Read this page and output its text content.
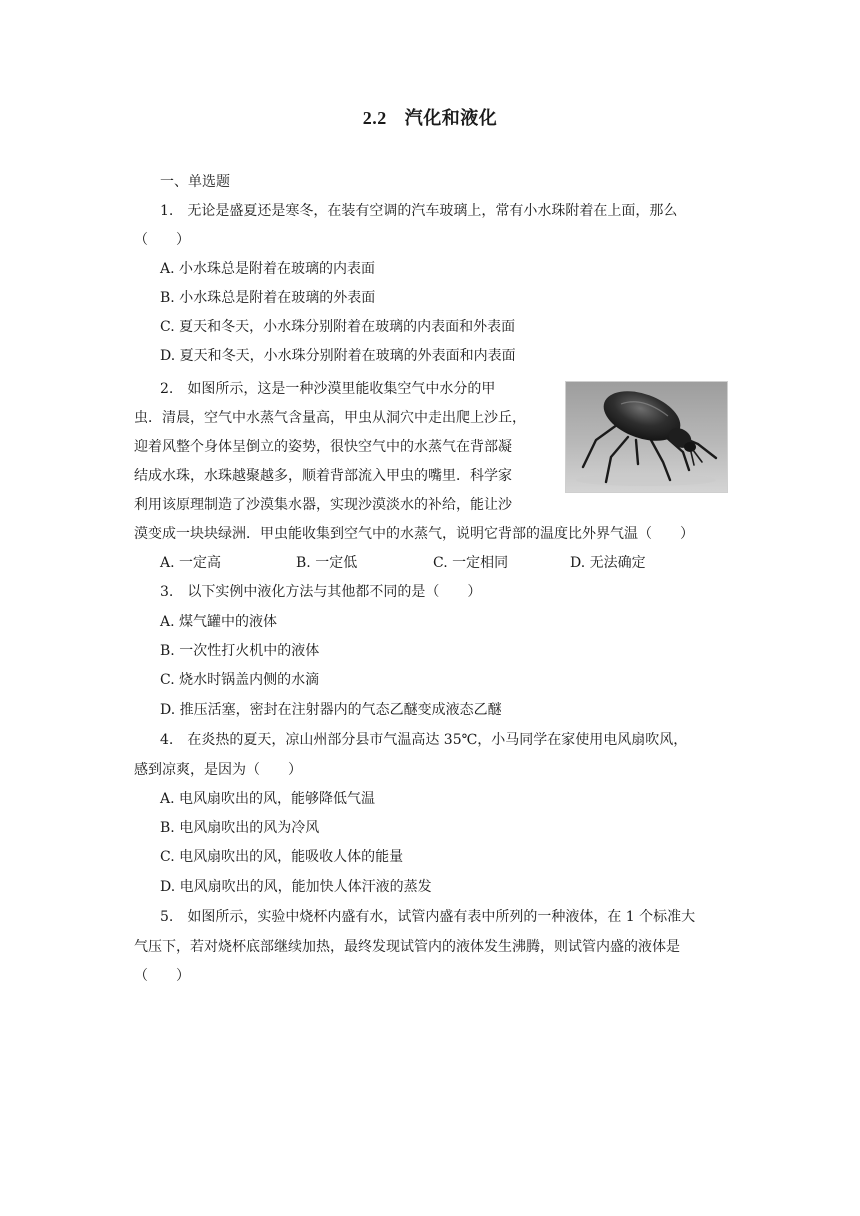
2.2 汽化和液化
一、单选题
1.　无论是盛夏还是寒冬，在装有空调的汽车玻璃上，常有小水珠附着在上面，那么
（　　）
A. 小水珠总是附着在玻璃的内表面
B. 小水珠总是附着在玻璃的外表面
C. 夏天和冬天，小水珠分别附着在玻璃的内表面和外表面
D. 夏天和冬天，小水珠分别附着在玻璃的外表面和内表面
2.　如图所示，这是一种沙漠里能收集空气中水分的甲
虫．清晨，空气中水蒸气含量高，甲虫从洞穴中走出爬上沙丘，
迎着风整个身体呈倒立的姿势，很快空气中的水蒸气在背部凝
结成水珠，水珠越聚越多，顺着背部流入甲虫的嘴里．科学家
利用该原理制造了沙漠集水器，实现沙漠淡水的补给，能让沙
漠变成一块块绿洲．甲虫能收集到空气中的水蒸气，说明它背部的温度比外界气温（　　）
A. 一定高	B. 一定低	C. 一定相同	D. 无法确定
3.　以下实例中液化方法与其他都不同的是（　　）
A. 煤气罐中的液体
B. 一次性打火机中的液体
C. 烧水时锅盖内侧的水滴
D. 推压活塞，密封在注射器内的气态乙醚变成液态乙醚
4.　在炎热的夏天，凉山州部分县市气温高达 35℃，小马同学在家使用电风扇吹风，
感到凉爽，是因为（　　）
A. 电风扇吹出的风，能够降低气温
B. 电风扇吹出的风为冷风
C. 电风扇吹出的风，能吸收人体的能量
D. 电风扇吹出的风，能加快人体汗液的蒸发
5.　如图所示，实验中烧杯内盛有水，试管内盛有表中所列的一种液体，在 1 个标准大
气压下，若对烧杯底部继续加热，最终发现试管内的液体发生沸腾，则试管内盛的液体是
（　　）
